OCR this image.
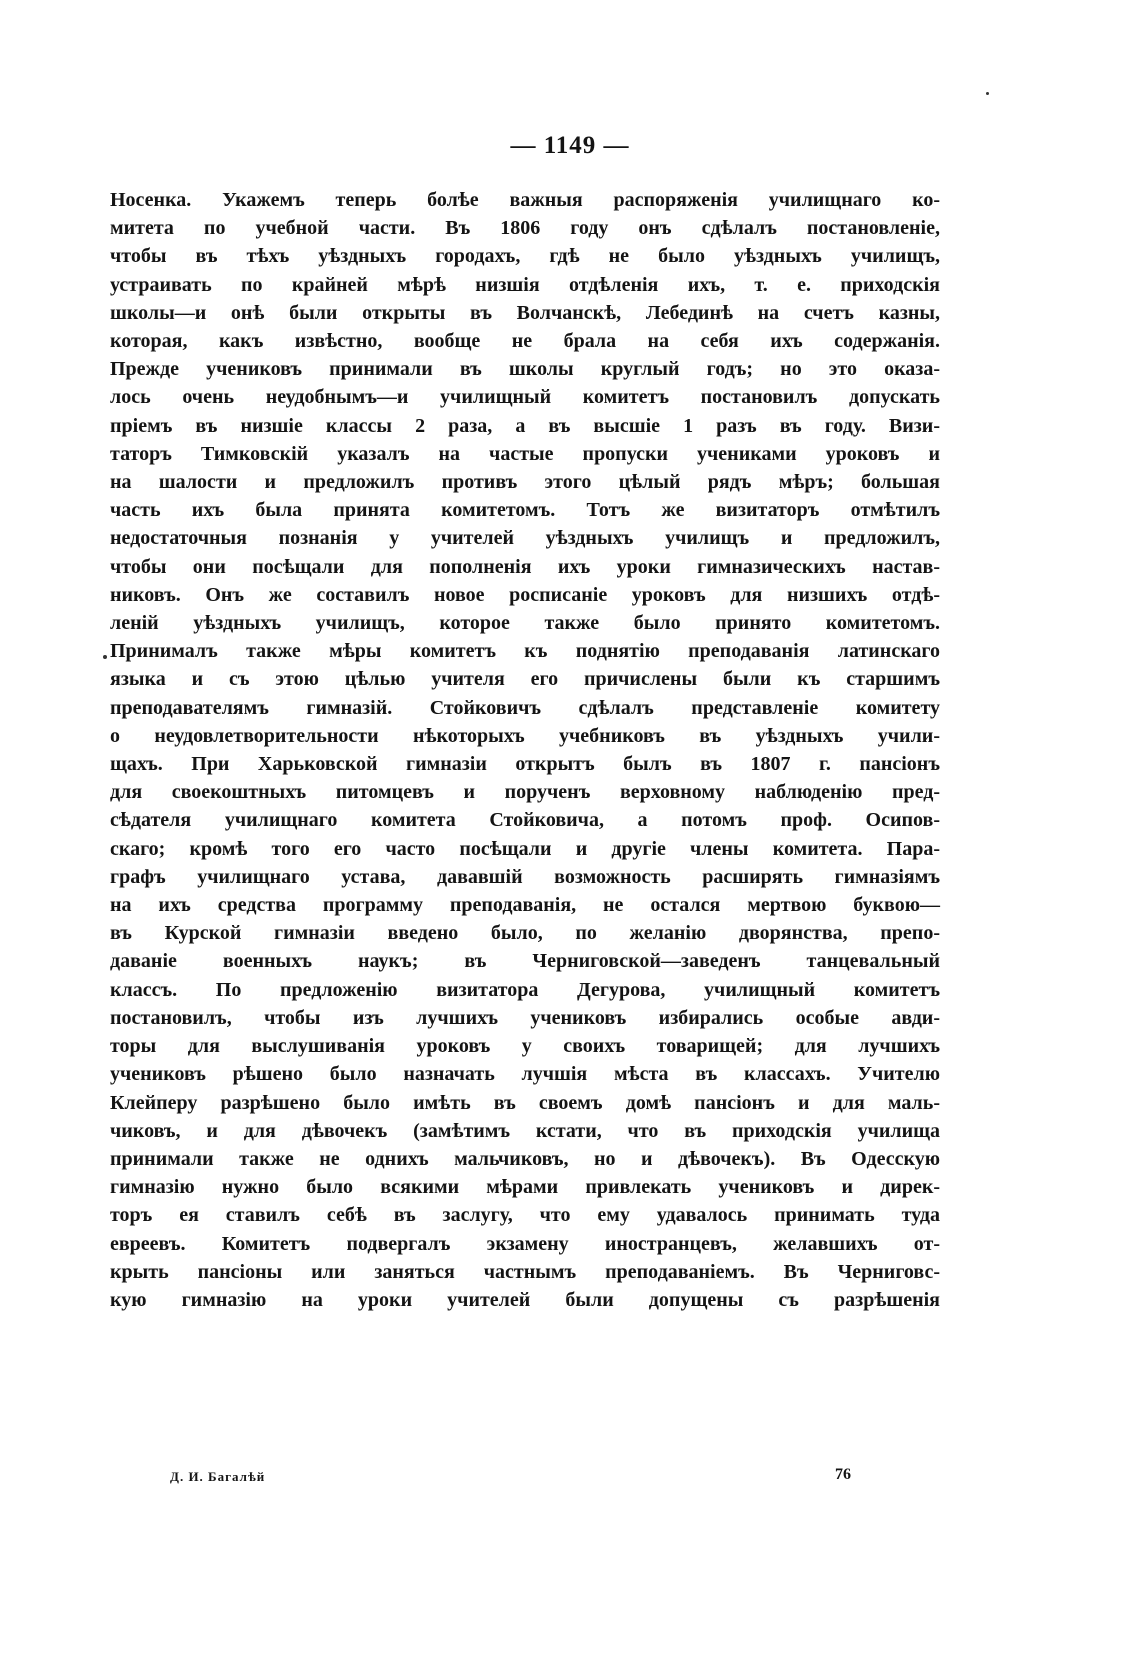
— 1149 —
Носенка. Укажемъ теперь болѣе важныя распоряженія училищнаго ко-
митета по учебной части. Въ 1806 году онъ сдѣлалъ постановленіе,
чтобы въ тѣхъ уѣздныхъ городахъ, гдѣ не было уѣздныхъ училищъ,
устраивать по крайней мѣрѣ низшія отдѣленія ихъ, т. е. приходскія
школы—и онѣ были открыты въ Волчанскѣ, Лебединѣ на счетъ казны,
которая, какъ извѣстно, вообще не брала на себя ихъ содержанія.
Прежде учениковъ принимали въ школы круглый годъ; но это оказа-
лось очень неудобнымъ—и училищный комитетъ постановилъ допускать
пріемъ въ низшіе классы 2 раза, а въ высшіе 1 разъ въ году. Визи-
таторъ Тимковскій указалъ на частые пропуски учениками уроковъ и
на шалости и предложилъ противъ этого цѣлый рядъ мѣръ; большая
часть ихъ была принята комитетомъ. Тотъ же визитаторъ отмѣтилъ
недостаточныя познанія у учителей уѣздныхъ училищъ и предложилъ,
чтобы они посѣщали для пополненія ихъ уроки гимназическихъ настав-
никовъ. Онъ же составилъ новое росписаніе уроковъ для низшихъ отдѣ-
леній уѣздныхъ училищъ, которое также было принято комитетомъ.
Принималъ также мѣры комитетъ къ поднятію преподаванія латинскаго
языка и съ этою цѣлью учителя его причислены были къ старшимъ
преподавателямъ гимназій. Стойковичъ сдѣлалъ представленіе комитету
о неудовлетворительности нѣкоторыхъ учебниковъ въ уѣздныхъ учили-
щахъ. При Харьковской гимназіи открытъ былъ въ 1807 г. пансіонъ
для своекоштныхъ питомцевъ и порученъ верховному наблюденію пред-
сѣдателя училищнаго комитета Стойковича, а потомъ проф. Осипов-
скаго; кромѣ того его часто посѣщали и другіе члены комитета. Пара-
графъ училищнаго устава, дававшій возможность расширять гимназіямъ
на ихъ средства программу преподаванія, не остался мертвою буквою—
въ Курской гимназіи введено было, по желанію дворянства, препо-
даваніе военныхъ наукъ; въ Черниговской—заведенъ танцевальный
классъ. По предложенію визитатора Дегурова, училищный комитетъ
постановилъ, чтобы изъ лучшихъ учениковъ избирались особые авди-
торы для выслушиванія уроковъ у своихъ товарищей; для лучшихъ
учениковъ рѣшено было назначать лучшія мѣста въ классахъ. Учителю
Клейперу разрѣшено было имѣть въ своемъ домѣ пансіонъ и для маль-
чиковъ, и для дѣвочекъ (замѣтимъ кстати, что въ приходскія училища
принимали также не однихъ мальчиковъ, но и дѣвочекъ). Въ Одесскую
гимназію нужно было всякими мѣрами привлекать учениковъ и дирек-
торъ ея ставилъ себѣ въ заслугу, что ему удавалось принимать туда
евреевъ. Комитетъ подвергалъ экзамену иностранцевъ, желавшихъ от-
крыть пансіоны или заняться частнымъ преподаваніемъ. Въ Черниговс-
кую гимназію на уроки учителей были допущены съ разрѣшенія
Д. И. Багалѣй	76
